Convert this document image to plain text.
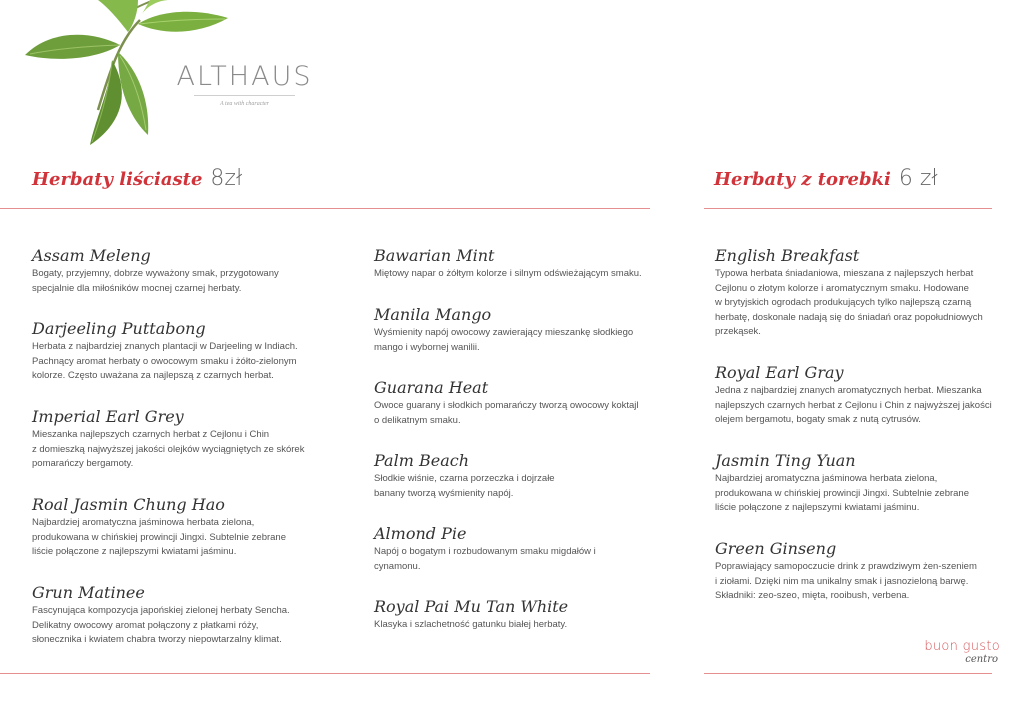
ALTHAUS
A tea with character
Herbaty liściaste 8zł	Herbaty z torebki 6 zł
Assam Meleng
Bogaty, przyjemny, dobrze wyważony smak, przygotowany
specjalnie dla miłośników mocnej czarnej herbaty.
Darjeeling Puttabong
Herbata z najbardziej znanych plantacji w Darjeeling w Indiach.
Pachnący aromat herbaty o owocowym smaku i żółto-zielonym
kolorze. Często uważana za najlepszą z czarnych herbat.
Imperial Earl Grey
Mieszanka najlepszych czarnych herbat z Cejlonu i Chin
z domieszką najwyższej jakości olejków wyciągniętych ze skórek
pomarańczy bergamoty.
Roal Jasmin Chung Hao
Najbardziej aromatyczna jaśminowa herbata zielona,
produkowana w chińskiej prowincji Jingxi. Subtelnie zebrane
liście połączone z najlepszymi kwiatami jaśminu.
Grun Matinee
Fascynująca kompozycja japońskiej zielonej herbaty Sencha.
Delikatny owocowy aromat połączony z płatkami róży,
słonecznika i kwiatem chabra tworzy niepowtarzalny klimat.
Bawarian Mint
Miętowy napar o żółtym kolorze i silnym odświeżającym smaku.
Manila Mango
Wyśmienity napój owocowy zawierający mieszankę słodkiego
mango i wybornej wanilii.
Guarana Heat
Owoce guarany i słodkich pomarańczy tworzą owocowy koktajl
o delikatnym smaku.
Palm Beach
Słodkie wiśnie, czarna porzeczka i dojrzałe
banany tworzą wyśmienity napój.
Almond Pie
Napój o bogatym i rozbudowanym smaku migdałów i
cynamonu.
Royal Pai Mu Tan White
Klasyka i szlachetność gatunku białej herbaty.
English Breakfast
Typowa herbata śniadaniowa, mieszana z najlepszych herbat
Cejlonu o złotym kolorze i aromatycznym smaku. Hodowane
w brytyjskich ogrodach produkujących tylko najlepszą czarną
herbatę, doskonale nadają się do śniadań oraz popołudniowych
przekąsek.
Royal Earl Gray
Jedna z najbardziej znanych aromatycznych herbat. Mieszanka
najlepszych czarnych herbat z Cejlonu i Chin z najwyższej jakości
olejem bergamotu, bogaty smak z nutą cytrusów.
Jasmin Ting Yuan
Najbardziej aromatyczna jaśminowa herbata zielona,
produkowana w chińskiej prowincji Jingxi. Subtelnie zebrane
liście połączone z najlepszymi kwiatami jaśminu.
Green Ginseng
Poprawiający samopoczucie drink z prawdziwym żen-szeniem
i ziołami. Dzięki nim ma unikalny smak i jasnozieloną barwę.
Składniki: zeo-szeo, mięta, rooibush, verbena.
buon gusto
centro
